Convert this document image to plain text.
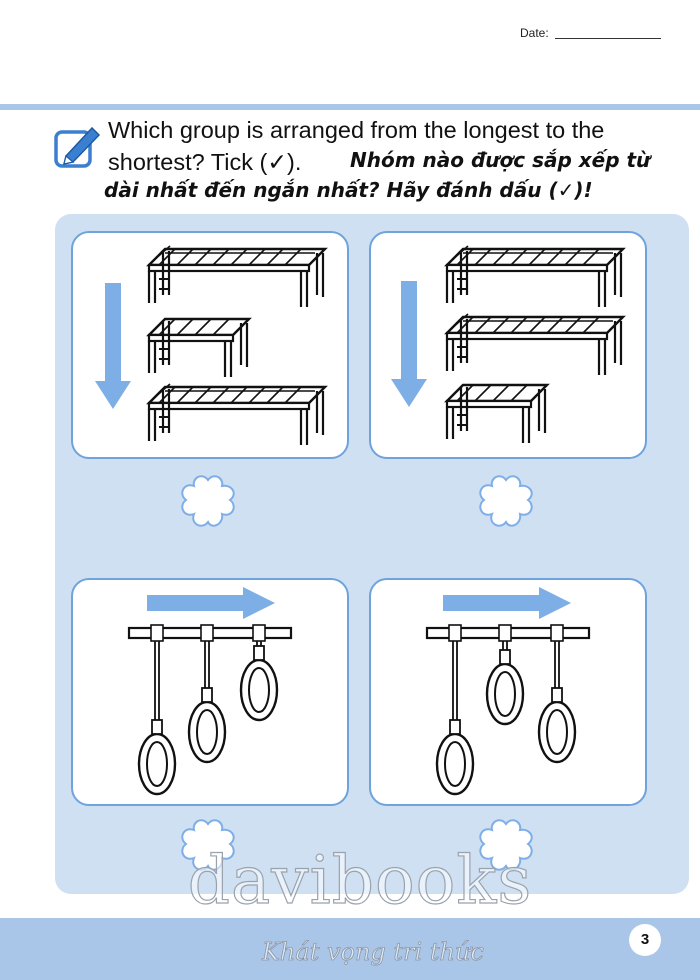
Date:
Which group is arranged from the longest to the shortest? Tick (✓).	Nhóm nào được sắp xếp từ
dài nhất đến ngắn nhất? Hãy đánh dấu (✓)!
davibooks
Khát vọng tri thức	3
